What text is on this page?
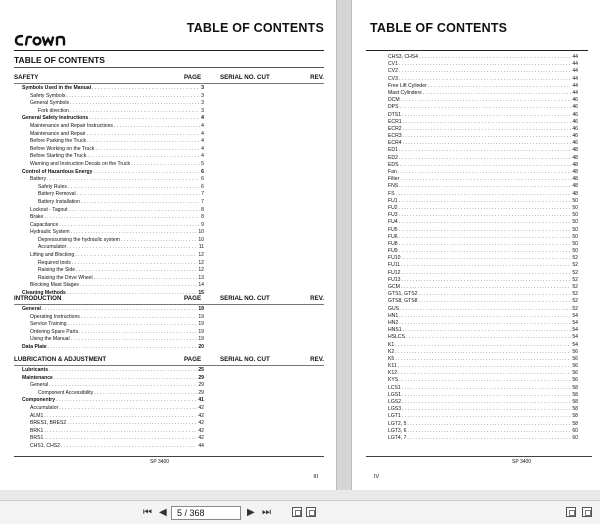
TABLE OF CONTENTS
TABLE OF CONTENTS
SAFETY	PAGE	SERIAL NO. CUT	REV.
Symbols Used in the Manual . . .	3
Safety Symbols . . .	3
General Symbols . . .	3
Fork direction . . .	3
General Safety Instructions . . .	4
Maintenance and Repair Instructions . . .	4
Maintenance and Repair . . .	4
Before Parking the Truck . . .	4
Before Working on the Truck . . .	4
Before Starting the Truck . . .	4
Warning and Instruction Decals on the Truck . . .	5
Control of Hazardous Energy . . .	6
Battery . . .	6
Safety Rules . . .	6
Battery Removal . . .	7
Battery Installation . . .	7
Lockout - Tagout . . .	8
Brake . . .	8
Capacitance . . .	9
Hydraulic System . . .	10
Depressurising the hydraulic system . . .	10
Accumulator . . .	11
Lifting and Blocking . . .	12
Required tools . . .	12
Raising the Side . . .	12
Raising the Drive Wheel . . .	13
Blocking Mast Stages . . .	14
Cleaning Methods . . .	15
INTRODUCTION	PAGE	SERIAL NO. CUT	REV.
General . . .	19
Operating Instructions . . .	19
Service Training . . .	19
Ordering Spare Parts . . .	19
Using the Manual . . .	19
Data Plate . . .	20
LUBRICATION & ADJUSTMENT	PAGE	SERIAL NO. CUT	REV.
Lubricants . . .	25
Maintenance . . .	29
General . . .	29
Component Accessibility . . .	29
Componentry . . .	41
Accumulator . . .	42
ALM1 . . .	42
BRES1, BRES2 . . .	42
BRK1 . . .	42
BRS1 . . .	42
CHS1, CHS2 . . .	44
SP 3400
III
TABLE OF CONTENTS
CHS3, CHS4 . . .	44
CV1 . . .	44
CV2 . . .	44
CV3 . . .	44
Free Lift Cylinder . . .	44
Mast Cylinders . . .	44
DCM . . .	46
DPS . . .	46
DTS1 . . .	46
ECR1 . . .	46
ECR2 . . .	46
ECR3 . . .	46
ECR4 . . .	46
ED1 . . .	48
ED2 . . .	48
EDS . . .	48
Fan . . .	48
Filter . . .	48
FNS . . .	48
FS . . .	48
FU1 . . .	50
FU2 . . .	50
FU3 . . .	50
FU4 . . .	50
FU5 . . .	50
FU6 . . .	50
FU8 . . .	50
FU9 . . .	50
FU10 . . .	52
FU11 . . .	52
FU12 . . .	52
FU13 . . .	52
GCM . . .	52
GTS1, GTS2 . . .	52
GTS8, GTS8 . . .	52
GUS . . .	52
HN1 . . .	54
HN2 . . .	54
HNS1 . . .	54
HSLCS . . .	54
K1 . . .	54
K2 . . .	56
K5 . . .	56
K11 . . .	56
K12 . . .	56
KYS . . .	56
LCS1 . . .	58
LGS1 . . .	58
LGS2 . . .	58
LGS3 . . .	58
LGT1 . . .	58
LGT2, 5 . . .	58
LGT3, 6 . . .	60
LGT4, 7 . . .	60
SP 3400
IV
⏮ ◀	5 / 368	▶ ⏭
